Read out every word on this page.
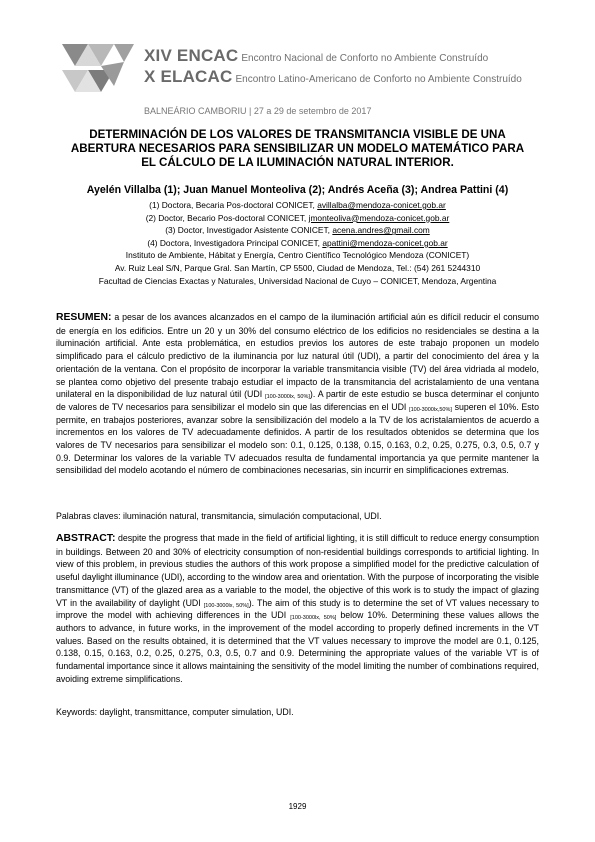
XIV ENCAC Encontro Nacional de Conforto no Ambiente Construído
X ELACAC Encontro Latino-Americano de Conforto no Ambiente Construído
BALNEÁRIO CAMBORIU | 27 a 29 de setembro de 2017
DETERMINACIÓN DE LOS VALORES DE TRANSMITANCIA VISIBLE DE UNA
ABERTURA NECESARIOS PARA SENSIBILIZAR UN MODELO MATEMÁTICO PARA
EL CÁLCULO DE LA ILUMINACIÓN NATURAL INTERIOR.
Ayelén Villalba (1); Juan Manuel Monteoliva (2); Andrés Aceña (3); Andrea Pattini (4)
(1) Doctora, Becaria Pos-doctoral CONICET, avillalba@mendoza-conicet.gob.ar
(2) Doctor, Becario Pos-doctoral CONICET, jmonteoliva@mendoza-conicet.gob.ar
(3) Doctor, Investigador Asistente CONICET, acena.andres@gmail.com
(4) Doctora, Investigadora Principal CONICET, apattini@mendoza-conicet.gob.ar
Instituto de Ambiente, Hábitat y Energía, Centro Científico Tecnológico Mendoza (CONICET)
Av. Ruiz Leal S/N, Parque Gral. San Martín, CP 5500, Ciudad de Mendoza, Tel.: (54) 261 5244310
Facultad de Ciencias Exactas y Naturales, Universidad Nacional de Cuyo – CONICET, Mendoza, Argentina
RESUMEN: a pesar de los avances alcanzados en el campo de la iluminación artificial aún es difícil reducir el consumo de energía en los edificios. Entre un 20 y un 30% del consumo eléctrico de los edificios no residenciales se destina a la iluminación artificial. Ante esta problemática, en estudios previos los autores de este trabajo proponen un modelo simplificado para el cálculo predictivo de la iluminancia por luz natural útil (UDI), a partir del conocimiento del área y la orientación de la ventana. Con el propósito de incorporar la variable transmitancia visible (TV) del área vidriada al modelo, se plantea como objetivo del presente trabajo estudiar el impacto de la transmitancia del acristalamiento de una ventana unilateral en la disponibilidad de luz natural útil (UDI $_{[100-3000lx, 50\%]}$). A partir de este estudio se busca determinar el conjunto de valores de TV necesarios para sensibilizar el modelo sin que las diferencias en el UDI $_{[100-3000lx,50\%]}$ superen el 10%. Esto permite, en trabajos posteriores, avanzar sobre la sensibilización del modelo a la TV de los acristalamientos de acuerdo a incrementos en los valores de TV adecuadamente definidos. A partir de los resultados obtenidos se determina que los valores de TV necesarios para sensibilizar el modelo son: 0.1, 0.125, 0.138, 0.15, 0.163, 0.2, 0.25, 0.275, 0.3, 0.5, 0.7 y 0.9. Determinar los valores de la variable TV adecuados resulta de fundamental importancia ya que permite mantener la sensibilidad del modelo acotando el número de combinaciones necesarias, sin incurrir en simplificaciones extremas.
Palabras claves: iluminación natural, transmitancia, simulación computacional, UDI.
ABSTRACT: despite the progress that made in the field of artificial lighting, it is still difficult to reduce energy consumption in buildings. Between 20 and 30% of electricity consumption of non-residential buildings corresponds to artificial lighting. In view of this problem, in previous studies the authors of this work propose a simplified model for the predictive calculation of useful daylight illuminance (UDI), according to the window area and orientation. With the purpose of incorporating the visible transmittance (VT) of the glazed area as a variable to the model, the objective of this work is to study the impact of glazing VT in the availability of daylight (UDI $_{[100-3000lx, 50\%]}$). The aim of this study is to determine the set of VT values necessary to improve the model with achieving differences in the UDI $_{[100-3000lx, 50\%]}$ below 10%. Determining these values allows the authors to advance, in future works, in the improvement of the model according to properly defined increments in the VT values. Based on the results obtained, it is determined that the VT values necessary to improve the model are 0.1, 0.125, 0.138, 0.15, 0.163, 0.2, 0.25, 0.275, 0.3, 0.5, 0.7 and 0.9. Determining the appropriate values of the variable VT is of fundamental importance since it allows maintaining the sensitivity of the model limiting the number of combinations required, avoiding extreme simplifications.
Keywords: daylight, transmittance, computer simulation, UDI.
1929
